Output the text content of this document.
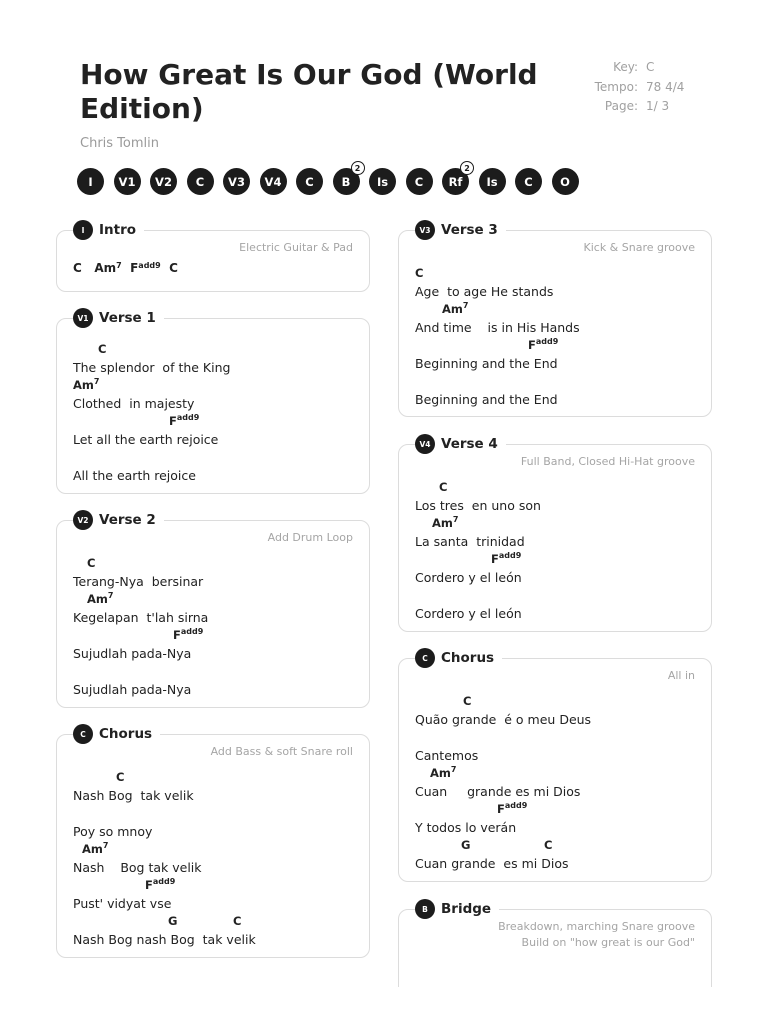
How Great Is Our God (World Edition)
Chris Tomlin
Key: C
Tempo: 78 4/4
Page: 1/ 3
I V1 V2 C V3 V4 C B
2
Is C Rf
2
Is C O
I	Intro
Electric Guitar & Pad
C Am$^7$ $F^{add9}$ C
V1 Verse 1
C
The splendor  of the King
Am$^7$
Clothed  in majesty
$F^{add9}$
Let all the earth rejoice
All the earth rejoice
V2 Verse 2
Add Drum Loop
C
Terang-Nya  bersinar
Am$^7$
Kegelapan  t'lah sirna
$F^{add9}$
Sujudlah pada-Nya
Sujudlah pada-Nya
C Chorus
Add Bass & soft Snare roll
C
Nash Bog  tak velik
Poy so mnoy
Am$^7$
Nash    Bog tak velik
$F^{add9}$
Pust' vidyat vse
G	C
Nash Bog nash Bog  tak velik
V3 Verse 3
Kick & Snare groove
C
Age  to age He stands
Am$^7$
And time    is in His Hands
$F^{add9}$
Beginning and the End
Beginning and the End
V4 Verse 4
Full Band, Closed Hi-Hat groove
C
Los tres  en uno son
Am$^7$
La santa  trinidad
$F^{add9}$
Cordero y el león
Cordero y el león
C Chorus
All in
C
Quão grande  é o meu Deus
Cantemos
Am$^7$
Cuan     grande es mi Dios
$F^{add9}$
Y todos lo verán
G	C
Cuan grande  es mi Dios
B Bridge
Breakdown, marching Snare groove
Build on "how great is our God"
